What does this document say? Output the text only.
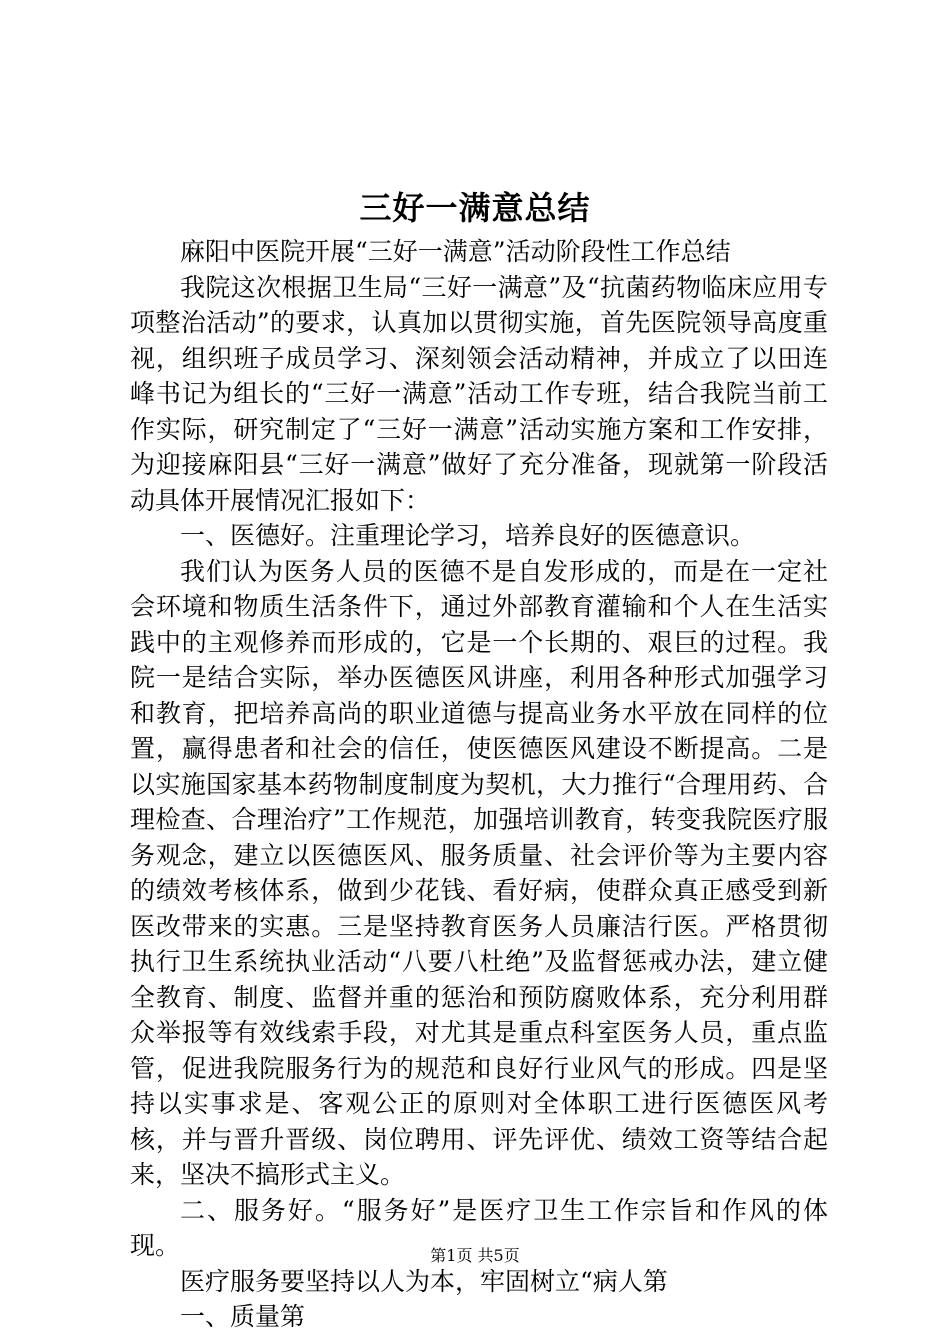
三好一满意总结

麻阳中医院开展“三好一满意”活动阶段性工作总结

我院这次根据卫生局“三好一满意”及“抗菌药物临床应用专项整治活动”的要求，认真加以贯彻实施，首先医院领导高度重视，组织班子成员学习、深刻领会活动精神，并成立了以田连峰书记为组长的“三好一满意”活动工作专班，结合我院当前工作实际，研究制定了“三好一满意”活动实施方案和工作安排，为迎接麻阳县“三好一满意”做好了充分准备，现就第一阶段活动具体开展情况汇报如下：

一、医德好。注重理论学习，培养良好的医德意识。

我们认为医务人员的医德不是自发形成的，而是在一定社会环境和物质生活条件下，通过外部教育灌输和个人在生活实践中的主观修养而形成的，它是一个长期的、艰巨的过程。我院一是结合实际，举办医德医风讲座，利用各种形式加强学习和教育，把培养高尚的职业道德与提高业务水平放在同样的位置，赢得患者和社会的信任，使医德医风建设不断提高。二是以实施国家基本药物制度制度为契机，大力推行“合理用药、合理检查、合理治疗”工作规范，加强培训教育，转变我院医疗服务观念，建立以医德医风、服务质量、社会评价等为主要内容的绩效考核体系，做到少花钱、看好病，使群众真正感受到新医改带来的实惠。三是坚持教育医务人员廉洁行医。严格贯彻执行卫生系统执业活动“八要八杜绝”及监督惩戒办法，建立健全教育、制度、监督并重的惩治和预防腐败体系，充分利用群众举报等有效线索手段，对尤其是重点科室医务人员，重点监管，促进我院服务行为的规范和良好行业风气的形成。四是坚持以实事求是、客观公正的原则对全体职工进行医德医风考核，并与晋升晋级、岗位聘用、评先评优、绩效工资等结合起来，坚决不搞形式主义。

二、服务好。“服务好”是医疗卫生工作宗旨和作风的体现。

医疗服务要坚持以人为本，牢固树立“病人第

一、质量第

第1页 共5页
